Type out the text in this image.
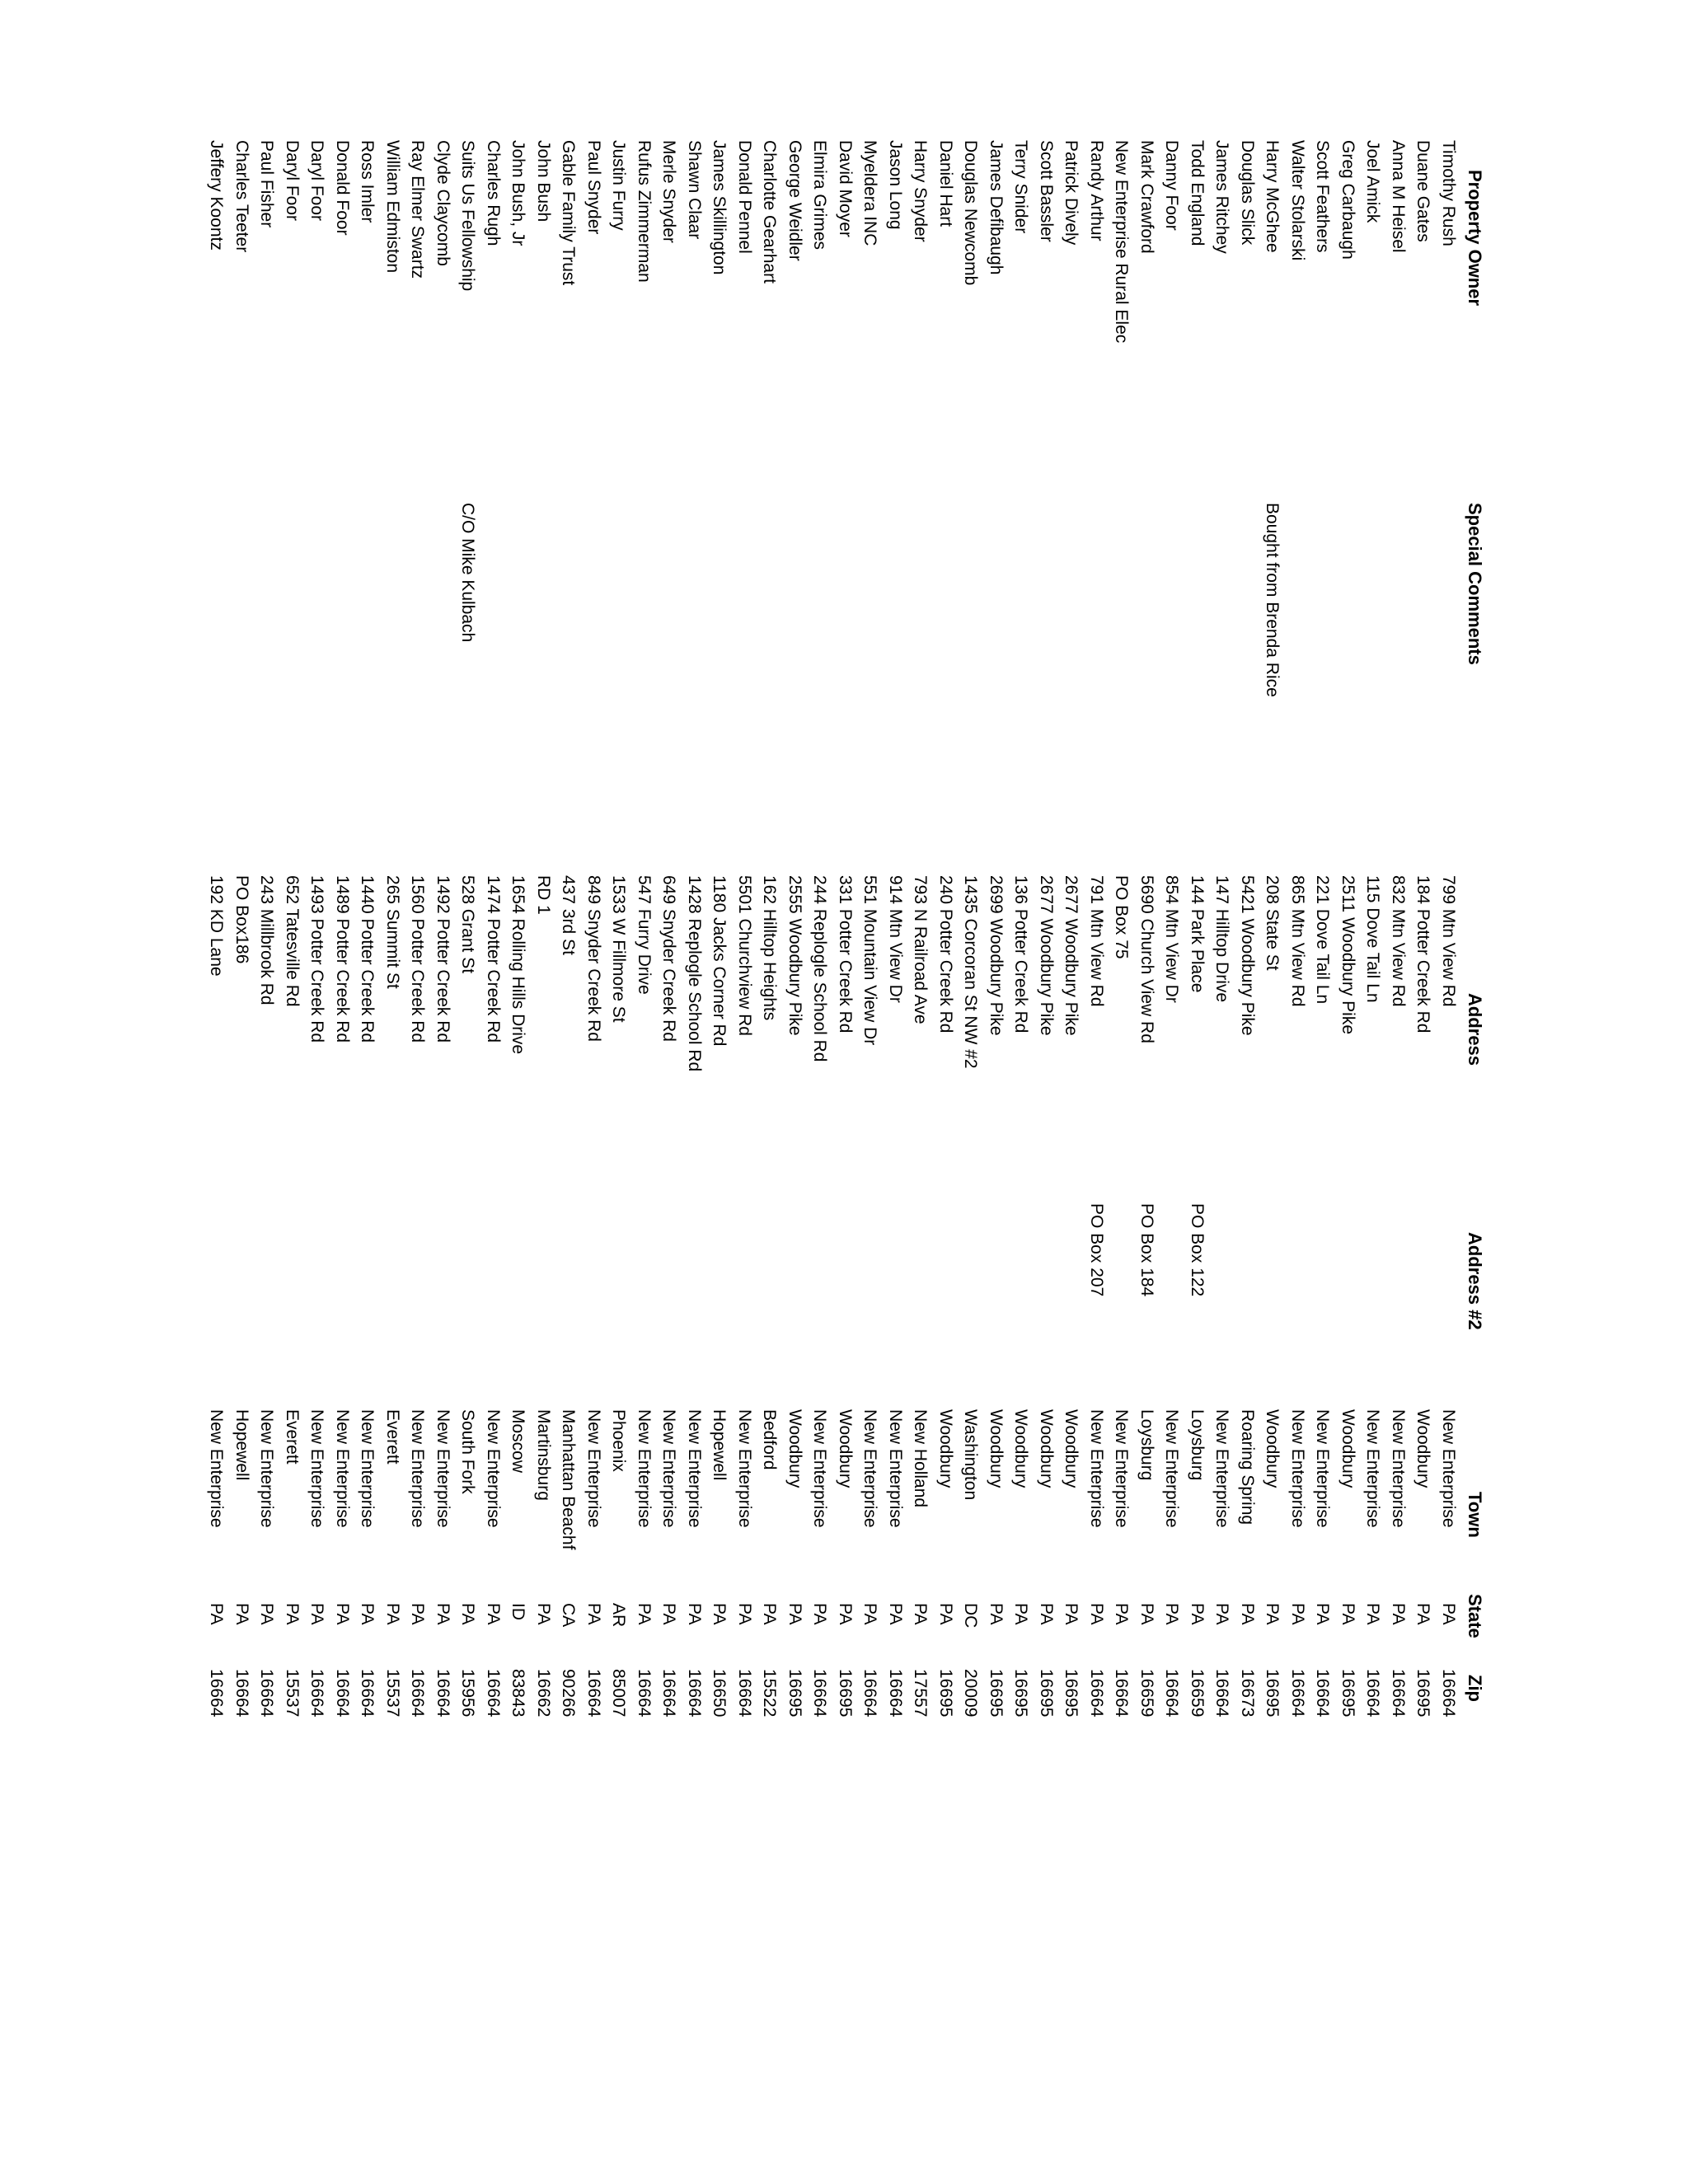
Property Owner
Special Comments
Address
Address #2
Town
State
Zip
Timothy Rush
799 Mtn View Rd
New Enterprise
PA
16664
Duane Gates
184 Potter Creek Rd
Woodbury
PA
16695
Anna M Heisel
832 Mtn View Rd
New Enterprise
PA
16664
Joel Amick
115 Dove Tail Ln
New Enterprise
PA
16664
Greg Carbaugh
2511 Woodbury Pike
Woodbury
PA
16695
Scott Feathers
221 Dove Tail Ln
New Enterprise
PA
16664
Walter Stolarski
865 Mtn View Rd
New Enterprise
PA
16664
Harry McGhee
Bought from Brenda Rice
208 State St
Woodbury
PA
16695
Douglas Slick
5421 Woodbury Pike
Roaring Spring
PA
16673
James Ritchey
147 Hilltop Drive
New Enterprise
PA
16664
Todd England
144 Park Place
PO Box 122
Loysburg
PA
16659
Danny Foor
854 Mtn View Dr
New Enterprise
PA
16664
Mark Crawford
5690 Church View Rd
PO Box 184
Loysburg
PA
16659
New Enterprise Rural Elec
PO Box 75
New Enterprise
PA
16664
Randy Arthur
791 Mtn View Rd
PO Box 207
New Enterprise
PA
16664
Patrick Dively
2677 Woodbury Pike
Woodbury
PA
16695
Scott Bassler
2677 Woodbury Pike
Woodbury
PA
16695
Terry Snider
136 Potter Creek Rd
Woodbury
PA
16695
James Defibaugh
2699 Woodbury Pike
Woodbury
PA
16695
Douglas Newcomb
1435 Corcoran St NW #2
Washington
DC
20009
Daniel Hart
240 Potter Creek Rd
Woodbury
PA
16695
Harry Snyder
793 N Railroad Ave
New Holland
PA
17557
Jason Long
914 Mtn View Dr
New Enterprise
PA
16664
Myeldera INC
551 Mountain View Dr
New Enterprise
PA
16664
David Moyer
331 Potter Creek Rd
Woodbury
PA
16695
Elmira Grimes
244 Replogle School Rd
New Enterprise
PA
16664
George Weidler
2555 Woodbury Pike
Woodbury
PA
16695
Charlotte Gearhart
162 Hilltop Heights
Bedford
PA
15522
Donald Pennel
5501 Churchview Rd
New Enterprise
PA
16664
James Skillington
1180 Jacks Corner Rd
Hopewell
PA
16650
Shawn Claar
1428 Replogle School Rd
New Enterprise
PA
16664
Merle Snyder
649 Snyder Creek Rd
New Enterprise
PA
16664
Rufus Zimmerman
547 Furry Drive
New Enterprise
PA
16664
Justin Furry
1533 W Fillmore St
Phoenix
AR
85007
Paul Snyder
849 Snyder Creek Rd
New Enterprise
PA
16664
Gable Family Trust
437 3rd St
Manhattan Beachf
CA
90266
John Bush
RD 1
Martinsburg
PA
16662
John Bush, Jr
1654 Rolling Hills Drive
Moscow
ID
83843
Charles Rugh
1474 Potter Creek Rd
New Enterprise
PA
16664
Suits Us Fellowship
C/O Mike Kulbach
528 Grant St
South Fork
PA
15956
Clyde Claycomb
1492 Potter Creek Rd
New Enterprise
PA
16664
Ray Elmer Swartz
1560 Potter Creek Rd
New Enterprise
PA
16664
William Edmiston
265 Summit St
Everett
PA
15537
Ross Imler
1440 Potter Creek Rd
New Enterprise
PA
16664
Donald Foor
1489 Potter Creek Rd
New Enterprise
PA
16664
Daryl Foor
1493 Potter Creek Rd
New Enterprise
PA
16664
Daryl Foor
652 Tatesville Rd
Everett
PA
15537
Paul Fisher
243 Millbrook Rd
New Enterprise
PA
16664
Charles Teeter
PO Box186
Hopewell
PA
16664
Jeffery Koontz
192 KD Lane
New Enterprise
PA
16664
